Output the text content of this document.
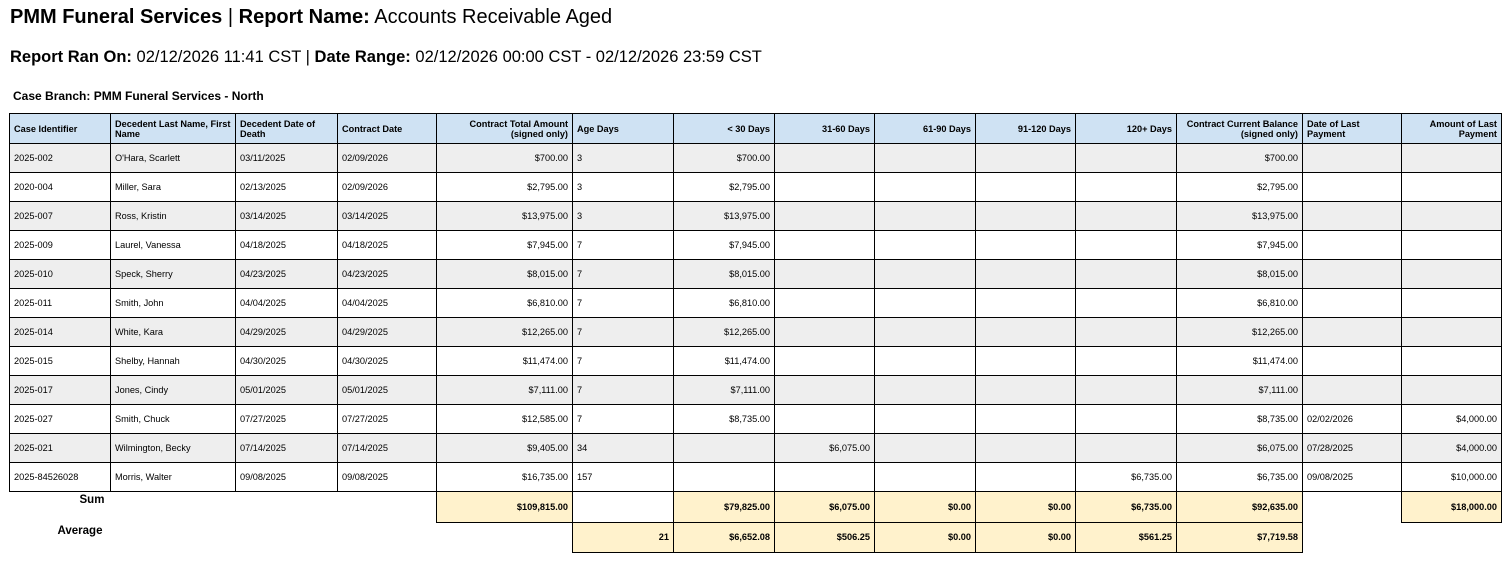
PMM Funeral Services | Report Name: Accounts Receivable Aged
Report Ran On: 02/12/2026 11:41 CST | Date Range: 02/12/2026 00:00 CST - 02/12/2026 23:59 CST
Case Branch: PMM Funeral Services - North
Case Identifier	Decedent Last Name, First Name	Decedent Date of Death	Contract Date	Contract Total Amount (signed only)	Age Days	< 30 Days	31-60 Days	61-90 Days	91-120 Days	120+ Days	Contract Current Balance (signed only)	Date of Last Payment	Amount of Last Payment
2025-002	O'Hara, Scarlett	03/11/2025	02/09/2026	$700.00	3	$700.00					$700.00		
2020-004	Miller, Sara	02/13/2025	02/09/2026	$2,795.00	3	$2,795.00					$2,795.00		
2025-007	Ross, Kristin	03/14/2025	03/14/2025	$13,975.00	3	$13,975.00					$13,975.00		
2025-009	Laurel, Vanessa	04/18/2025	04/18/2025	$7,945.00	7	$7,945.00					$7,945.00		
2025-010	Speck, Sherry	04/23/2025	04/23/2025	$8,015.00	7	$8,015.00					$8,015.00		
2025-011	Smith, John	04/04/2025	04/04/2025	$6,810.00	7	$6,810.00					$6,810.00		
2025-014	White, Kara	04/29/2025	04/29/2025	$12,265.00	7	$12,265.00					$12,265.00		
2025-015	Shelby, Hannah	04/30/2025	04/30/2025	$11,474.00	7	$11,474.00					$11,474.00		
2025-017	Jones, Cindy	05/01/2025	05/01/2025	$7,111.00	7	$7,111.00					$7,111.00		
2025-027	Smith, Chuck	07/27/2025	07/27/2025	$12,585.00	7	$8,735.00					$8,735.00	02/02/2026	$4,000.00
2025-021	Wilmington, Becky	07/14/2025	07/14/2025	$9,405.00	34		$6,075.00				$6,075.00	07/28/2025	$4,000.00
2025-84526028	Morris, Walter	09/08/2025	09/08/2025	$16,735.00	157					$6,735.00	$6,735.00	09/08/2025	$10,000.00
Sum				$109,815.00		$79,825.00	$6,075.00	$0.00	$0.00	$6,735.00	$92,635.00		$18,000.00
Average					21	$6,652.08	$506.25	$0.00	$0.00	$561.25	$7,719.58		
